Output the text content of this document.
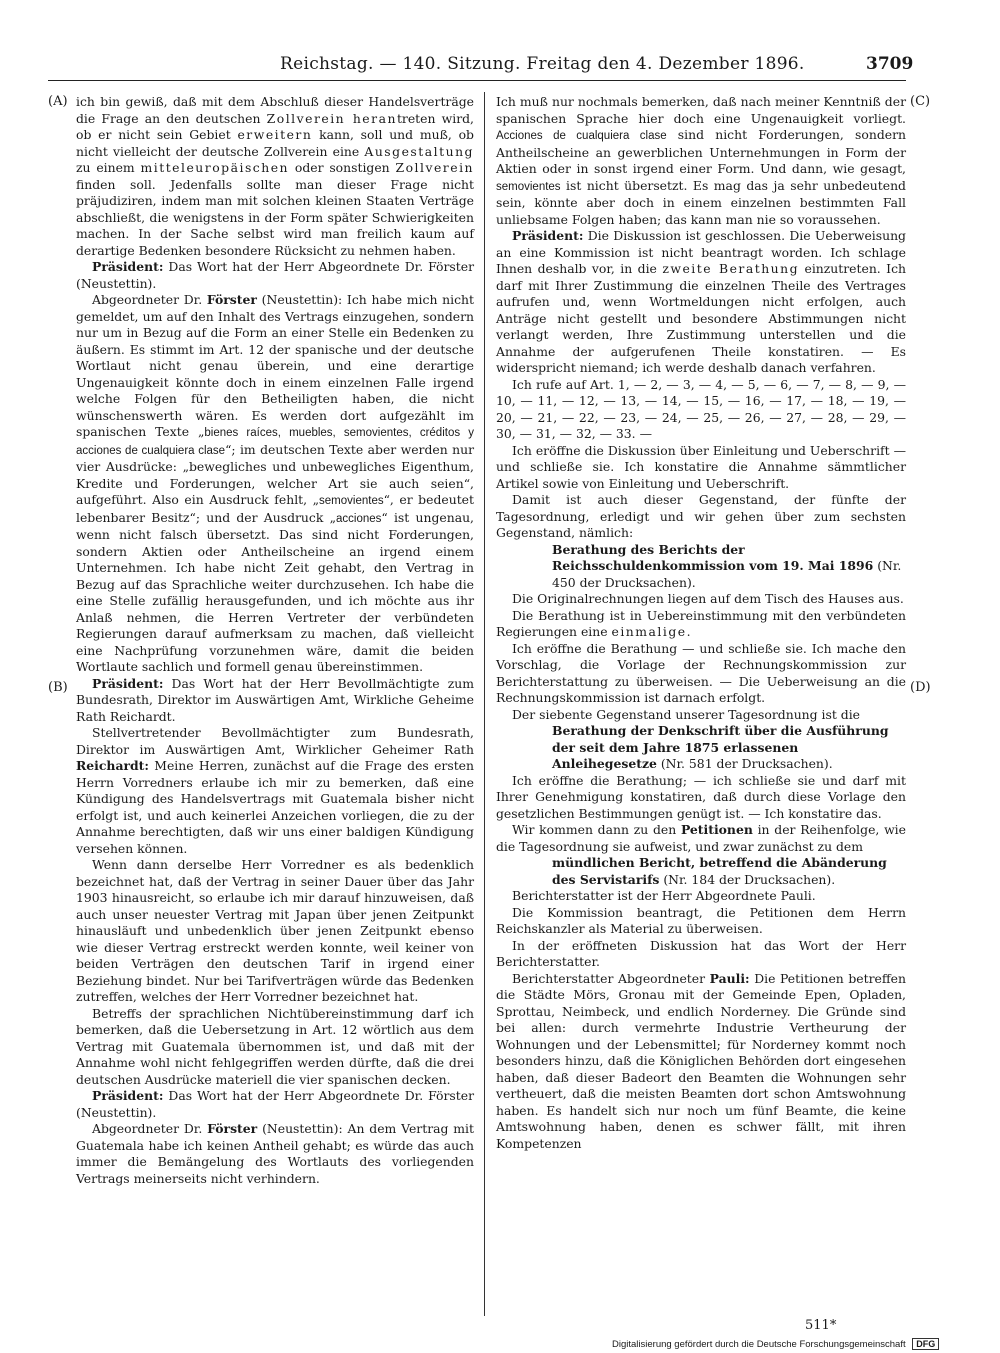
Reichstag. — 140. Sitzung. Freitag den 4. Dezember 1896.	3709
(A)
(B)
(C)
(D)

ich bin gewiß, daß mit dem Abschluß dieser Handelsverträge die Frage an den deutschen Zollverein herantreten wird, ob er nicht sein Gebiet erweitern kann, soll und muß, ob nicht vielleicht der deutsche Zollverein eine Ausgestaltung zu einem mitteleuropäischen oder sonstigen Zollverein finden soll. Jedenfalls sollte man dieser Frage nicht präjudiziren, indem man mit solchen kleinen Staaten Verträge abschließt, die wenigstens in der Form später Schwierigkeiten machen. In der Sache selbst wird man freilich kaum auf derartige Bedenken besondere Rücksicht zu nehmen haben.

Präsident: Das Wort hat der Herr Abgeordnete Dr. Förster (Neustettin).

Abgeordneter Dr. Förster (Neustettin): Ich habe mich nicht gemeldet, um auf den Inhalt des Vertrags einzugehen, sondern nur um in Bezug auf die Form an einer Stelle ein Bedenken zu äußern. Es stimmt im Art. 12 der spanische und der deutsche Wortlaut nicht genau überein, und eine derartige Ungenauigkeit könnte doch in einem einzelnen Falle irgend welche Folgen für den Betheiligten haben, die nicht wünschenswerth wären. Es werden dort aufgezählt im spanischen Texte „bienes raíces, muebles, semovientes, créditos y acciones de cualquiera clase“; im deutschen Texte aber werden nur vier Ausdrücke: „bewegliches und unbewegliches Eigenthum, Kredite und Forderungen, welcher Art sie auch seien“, aufgeführt. Also ein Ausdruck fehlt, „semovientes“, er bedeutet lebenbarer Besitz“; und der Ausdruck „acciones“ ist ungenau, wenn nicht falsch übersetzt. Das sind nicht Forderungen, sondern Aktien oder Antheilscheine an irgend einem Unternehmen. Ich habe nicht Zeit gehabt, den Vertrag in Bezug auf das Sprachliche weiter durchzusehen. Ich habe die eine Stelle zufällig herausgefunden, und ich möchte aus ihr Anlaß nehmen, die Herren Vertreter der verbündeten Regierungen darauf aufmerksam zu machen, daß vielleicht eine Nachprüfung vorzunehmen wäre, damit die beiden Wortlaute sachlich und formell genau übereinstimmen.

Präsident: Das Wort hat der Herr Bevollmächtigte zum Bundesrath, Direktor im Auswärtigen Amt, Wirkliche Geheime Rath Reichardt.

Stellvertretender Bevollmächtigter zum Bundesrath, Direktor im Auswärtigen Amt, Wirklicher Geheimer Rath Reichardt: Meine Herren, zunächst auf die Frage des ersten Herrn Vorredners erlaube ich mir zu bemerken, daß eine Kündigung des Handelsvertrags mit Guatemala bisher nicht erfolgt ist, und auch keinerlei Anzeichen vorliegen, die zu der Annahme berechtigten, daß wir uns einer baldigen Kündigung versehen können.

Wenn dann derselbe Herr Vorredner es als bedenklich bezeichnet hat, daß der Vertrag in seiner Dauer über das Jahr 1903 hinausreicht, so erlaube ich mir darauf hinzuweisen, daß auch unser neuester Vertrag mit Japan über jenen Zeitpunkt hinausläuft und unbedenklich über jenen Zeitpunkt ebenso wie dieser Vertrag erstreckt werden konnte, weil keiner von beiden Verträgen den deutschen Tarif in irgend einer Beziehung bindet. Nur bei Tarifverträgen würde das Bedenken zutreffen, welches der Herr Vorredner bezeichnet hat.

Betreffs der sprachlichen Nichtübereinstimmung darf ich bemerken, daß die Uebersetzung in Art. 12 wörtlich aus dem Vertrag mit Guatemala übernommen ist, und daß mit der Annahme wohl nicht fehlgegriffen werden dürfte, daß die drei deutschen Ausdrücke materiell die vier spanischen decken.

Präsident: Das Wort hat der Herr Abgeordnete Dr. Förster (Neustettin).

Abgeordneter Dr. Förster (Neustettin): An dem Vertrag mit Guatemala habe ich keinen Antheil gehabt; es würde das auch immer die Bemängelung des Wortlauts des vorliegenden Vertrags meinerseits nicht verhindern.

Ich muß nur nochmals bemerken, daß nach meiner Kenntniß der spanischen Sprache hier doch eine Ungenauigkeit vorliegt. Acciones de cualquiera clase sind nicht Forderungen, sondern Antheilscheine an gewerblichen Unternehmungen in Form der Aktien oder in sonst irgend einer Form. Und dann, wie gesagt, semovientes ist nicht übersetzt. Es mag das ja sehr unbedeutend sein, könnte aber doch in einem einzelnen bestimmten Fall unliebsame Folgen haben; das kann man nie so voraussehen.

Präsident: Die Diskussion ist geschlossen. Die Ueberweisung an eine Kommission ist nicht beantragt worden. Ich schlage Ihnen deshalb vor, in die zweite Berathung einzutreten. Ich darf mit Ihrer Zustimmung die einzelnen Theile des Vertrages aufrufen und, wenn Wortmeldungen nicht erfolgen, auch Anträge nicht gestellt und besondere Abstimmungen nicht verlangt werden, Ihre Zustimmung unterstellen und die Annahme der aufgerufenen Theile konstatiren. — Es widerspricht niemand; ich werde deshalb danach verfahren.

Ich rufe auf Art. 1, — 2, — 3, — 4, — 5, — 6, — 7, — 8, — 9, — 10, — 11, — 12, — 13, — 14, — 15, — 16, — 17, — 18, — 19, — 20, — 21, — 22, — 23, — 24, — 25, — 26, — 27, — 28, — 29, — 30, — 31, — 32, — 33. —

Ich eröffne die Diskussion über Einleitung und Ueberschrift — und schließe sie. Ich konstatire die Annahme sämmtlicher Artikel sowie von Einleitung und Ueberschrift.

Damit ist auch dieser Gegenstand, der fünfte der Tagesordnung, erledigt und wir gehen über zum sechsten Gegenstand, nämlich:

Berathung des Berichts der Reichsschuldenkommission vom 19. Mai 1896 (Nr. 450 der Drucksachen).

Die Originalrechnungen liegen auf dem Tisch des Hauses aus.

Die Berathung ist in Uebereinstimmung mit den verbündeten Regierungen eine einmalige.

Ich eröffne die Berathung — und schließe sie. Ich mache den Vorschlag, die Vorlage der Rechnungskommission zur Berichterstattung zu überweisen. — Die Ueberweisung an die Rechnungskommission ist darnach erfolgt.

Der siebente Gegenstand unserer Tagesordnung ist die

Berathung der Denkschrift über die Ausführung der seit dem Jahre 1875 erlassenen Anleihegesetze (Nr. 581 der Drucksachen).

Ich eröffne die Berathung; — ich schließe sie und darf mit Ihrer Genehmigung konstatiren, daß durch diese Vorlage den gesetzlichen Bestimmungen genügt ist. — Ich konstatire das.

Wir kommen dann zu den Petitionen in der Reihenfolge, wie die Tagesordnung sie aufweist, und zwar zunächst zu dem

mündlichen Bericht, betreffend die Abänderung des Servistarifs (Nr. 184 der Drucksachen).

Berichterstatter ist der Herr Abgeordnete Pauli.

Die Kommission beantragt, die Petitionen dem Herrn Reichskanzler als Material zu überweisen.

In der eröffneten Diskussion hat das Wort der Herr Berichterstatter.

Berichterstatter Abgeordneter Pauli: Die Petitionen betreffen die Städte Mörs, Gronau mit der Gemeinde Epen, Opladen, Sprottau, Neimbeck, und endlich Norderney. Die Gründe sind bei allen: durch vermehrte Industrie Vertheurung der Wohnungen und der Lebensmittel; für Norderney kommt noch besonders hinzu, daß die Königlichen Behörden dort eingesehen haben, daß dieser Badeort den Beamten die Wohnungen sehr vertheuert, daß die meisten Beamten dort schon Amtswohnung haben. Es handelt sich nur noch um fünf Beamte, die keine Amtswohnung haben, denen es schwer fällt, mit ihren Kompetenzen

511*
Digitalisierung gefördert durch die Deutsche Forschungsgemeinschaft DFG
